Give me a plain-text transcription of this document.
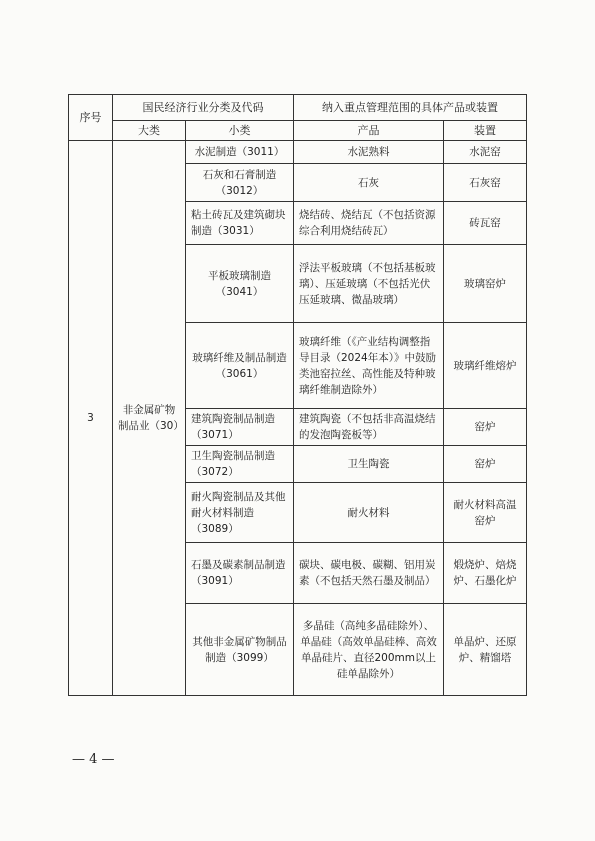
序号	国民经济行业分类及代码		纳入重点管理范围的具体产品或装置	
	大类	小类	产品	装置
3	非金属矿物制品业（30）	水泥制造（3011）	水泥熟料	水泥窑
		石灰和石膏制造（3012）	石灰	石灰窑
		粘土砖瓦及建筑砌块制造（3031）	烧结砖、烧结瓦（不包括资源综合利用烧结砖瓦）	砖瓦窑
		平板玻璃制造（3041）	浮法平板玻璃（不包括基板玻璃）、压延玻璃（不包括光伏压延玻璃、微晶玻璃）	玻璃窑炉
		玻璃纤维及制品制造（3061）	玻璃纤维（《产业结构调整指导目录（2024年本）》中鼓励类池窑拉丝、高性能及特种玻璃纤维制造除外）	玻璃纤维熔炉
		建筑陶瓷制品制造（3071）	建筑陶瓷（不包括非高温烧结的发泡陶瓷板等）	窑炉
		卫生陶瓷制品制造（3072）	卫生陶瓷	窑炉
		耐火陶瓷制品及其他耐火材料制造（3089）	耐火材料	耐火材料高温窑炉
		石墨及碳素制品制造（3091）	碳块、碳电极、碳糊、铝用炭素（不包括天然石墨及制品）	煅烧炉、焙烧炉、石墨化炉
		其他非金属矿物制品制造（3099）	多晶硅（高纯多晶硅除外）、单晶硅（高效单晶硅棒、高效单晶硅片、直径200mm以上硅单晶除外）	单晶炉、还原炉、精馏塔
— 4 —
